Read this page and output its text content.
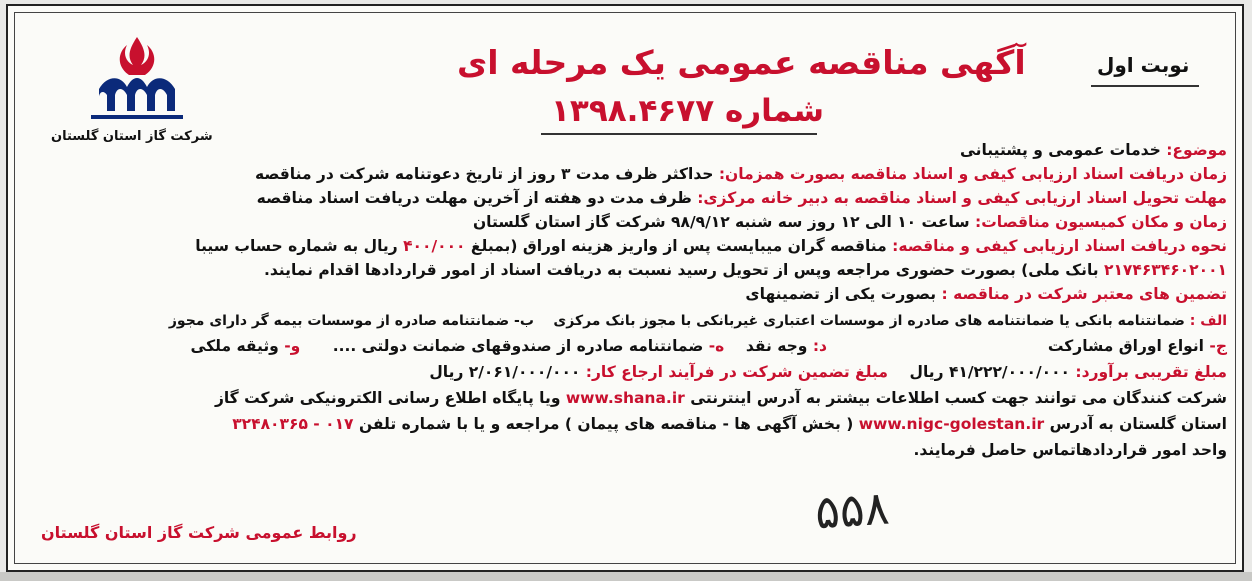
شرکت گاز استان گلستان
نوبت اول
آگهی مناقصه عمومی یک مرحله ای
شماره ۱۳۹۸.۴۶۷۷
موضوع: خدمات عمومی و پشتیبانی
زمان دریافت اسناد ارزیابی کیفی و اسناد مناقصه بصورت همزمان: حداکثر ظرف مدت ۳ روز از تاریخ دعوتنامه شرکت در مناقصه
مهلت تحویل اسناد ارزیابی کیفی و اسناد مناقصه به دبیر خانه مرکزی: ظرف مدت دو هفته از آخرین مهلت دریافت اسناد مناقصه
زمان و مکان کمیسیون مناقصات: ساعت ۱۰ الی ۱۲ روز سه شنبه ۹۸/۹/۱۲ شرکت گاز استان گلستان
نحوه دریافت اسناد ارزیابی کیفی و مناقصه: مناقصه گران میبایست پس از واریز هزینه اوراق (بمبلغ ۴۰۰/۰۰۰ ریال به شماره حساب سیبا
۲۱۷۴۶۳۴۶۰۲۰۰۱ بانک ملی) بصورت حضوری مراجعه وپس از تحویل رسید نسبت به دریافت اسناد از امور قراردادها اقدام نمایند.
تضمین های معتبر شرکت در مناقصه : بصورت یکی از تضمینهای
الف : ضمانتنامه بانکی یا ضمانتنامه های صادره از موسسات اعتباری غیربانکی با مجوز بانک مرکزی    ب- ضمانتنامه صادره از موسسات بیمه گر دارای مجوز
ج- انواع اوراق مشارکت
د: وجه نقد    ه- ضمانتنامه صادره از صندوقهای ضمانت دولتی ....      و- وثیقه ملکی
مبلغ تقریبی برآورد: ۴۱/۲۲۲/۰۰۰/۰۰۰ ریال    مبلغ تضمین شرکت در فرآیند ارجاع کار: ۲/۰۶۱/۰۰۰/۰۰۰ ریال
شرکت کنندگان می توانند جهت کسب اطلاعات بیشتر به آدرس اینترنتی www.shana.ir ویا پایگاه اطلاع رسانی الکترونیکی شرکت گاز
استان گلستان به آدرس www.nigc-golestan.ir ( بخش آگهی ها - مناقصه های پیمان ) مراجعه و یا با شماره تلفن ۰۱۷ - ۳۲۴۸۰۳۶۵
واحد امور قراردادهاتماس حاصل فرمایند.
۵۵۸
روابط عمومی شرکت گاز استان گلستان
